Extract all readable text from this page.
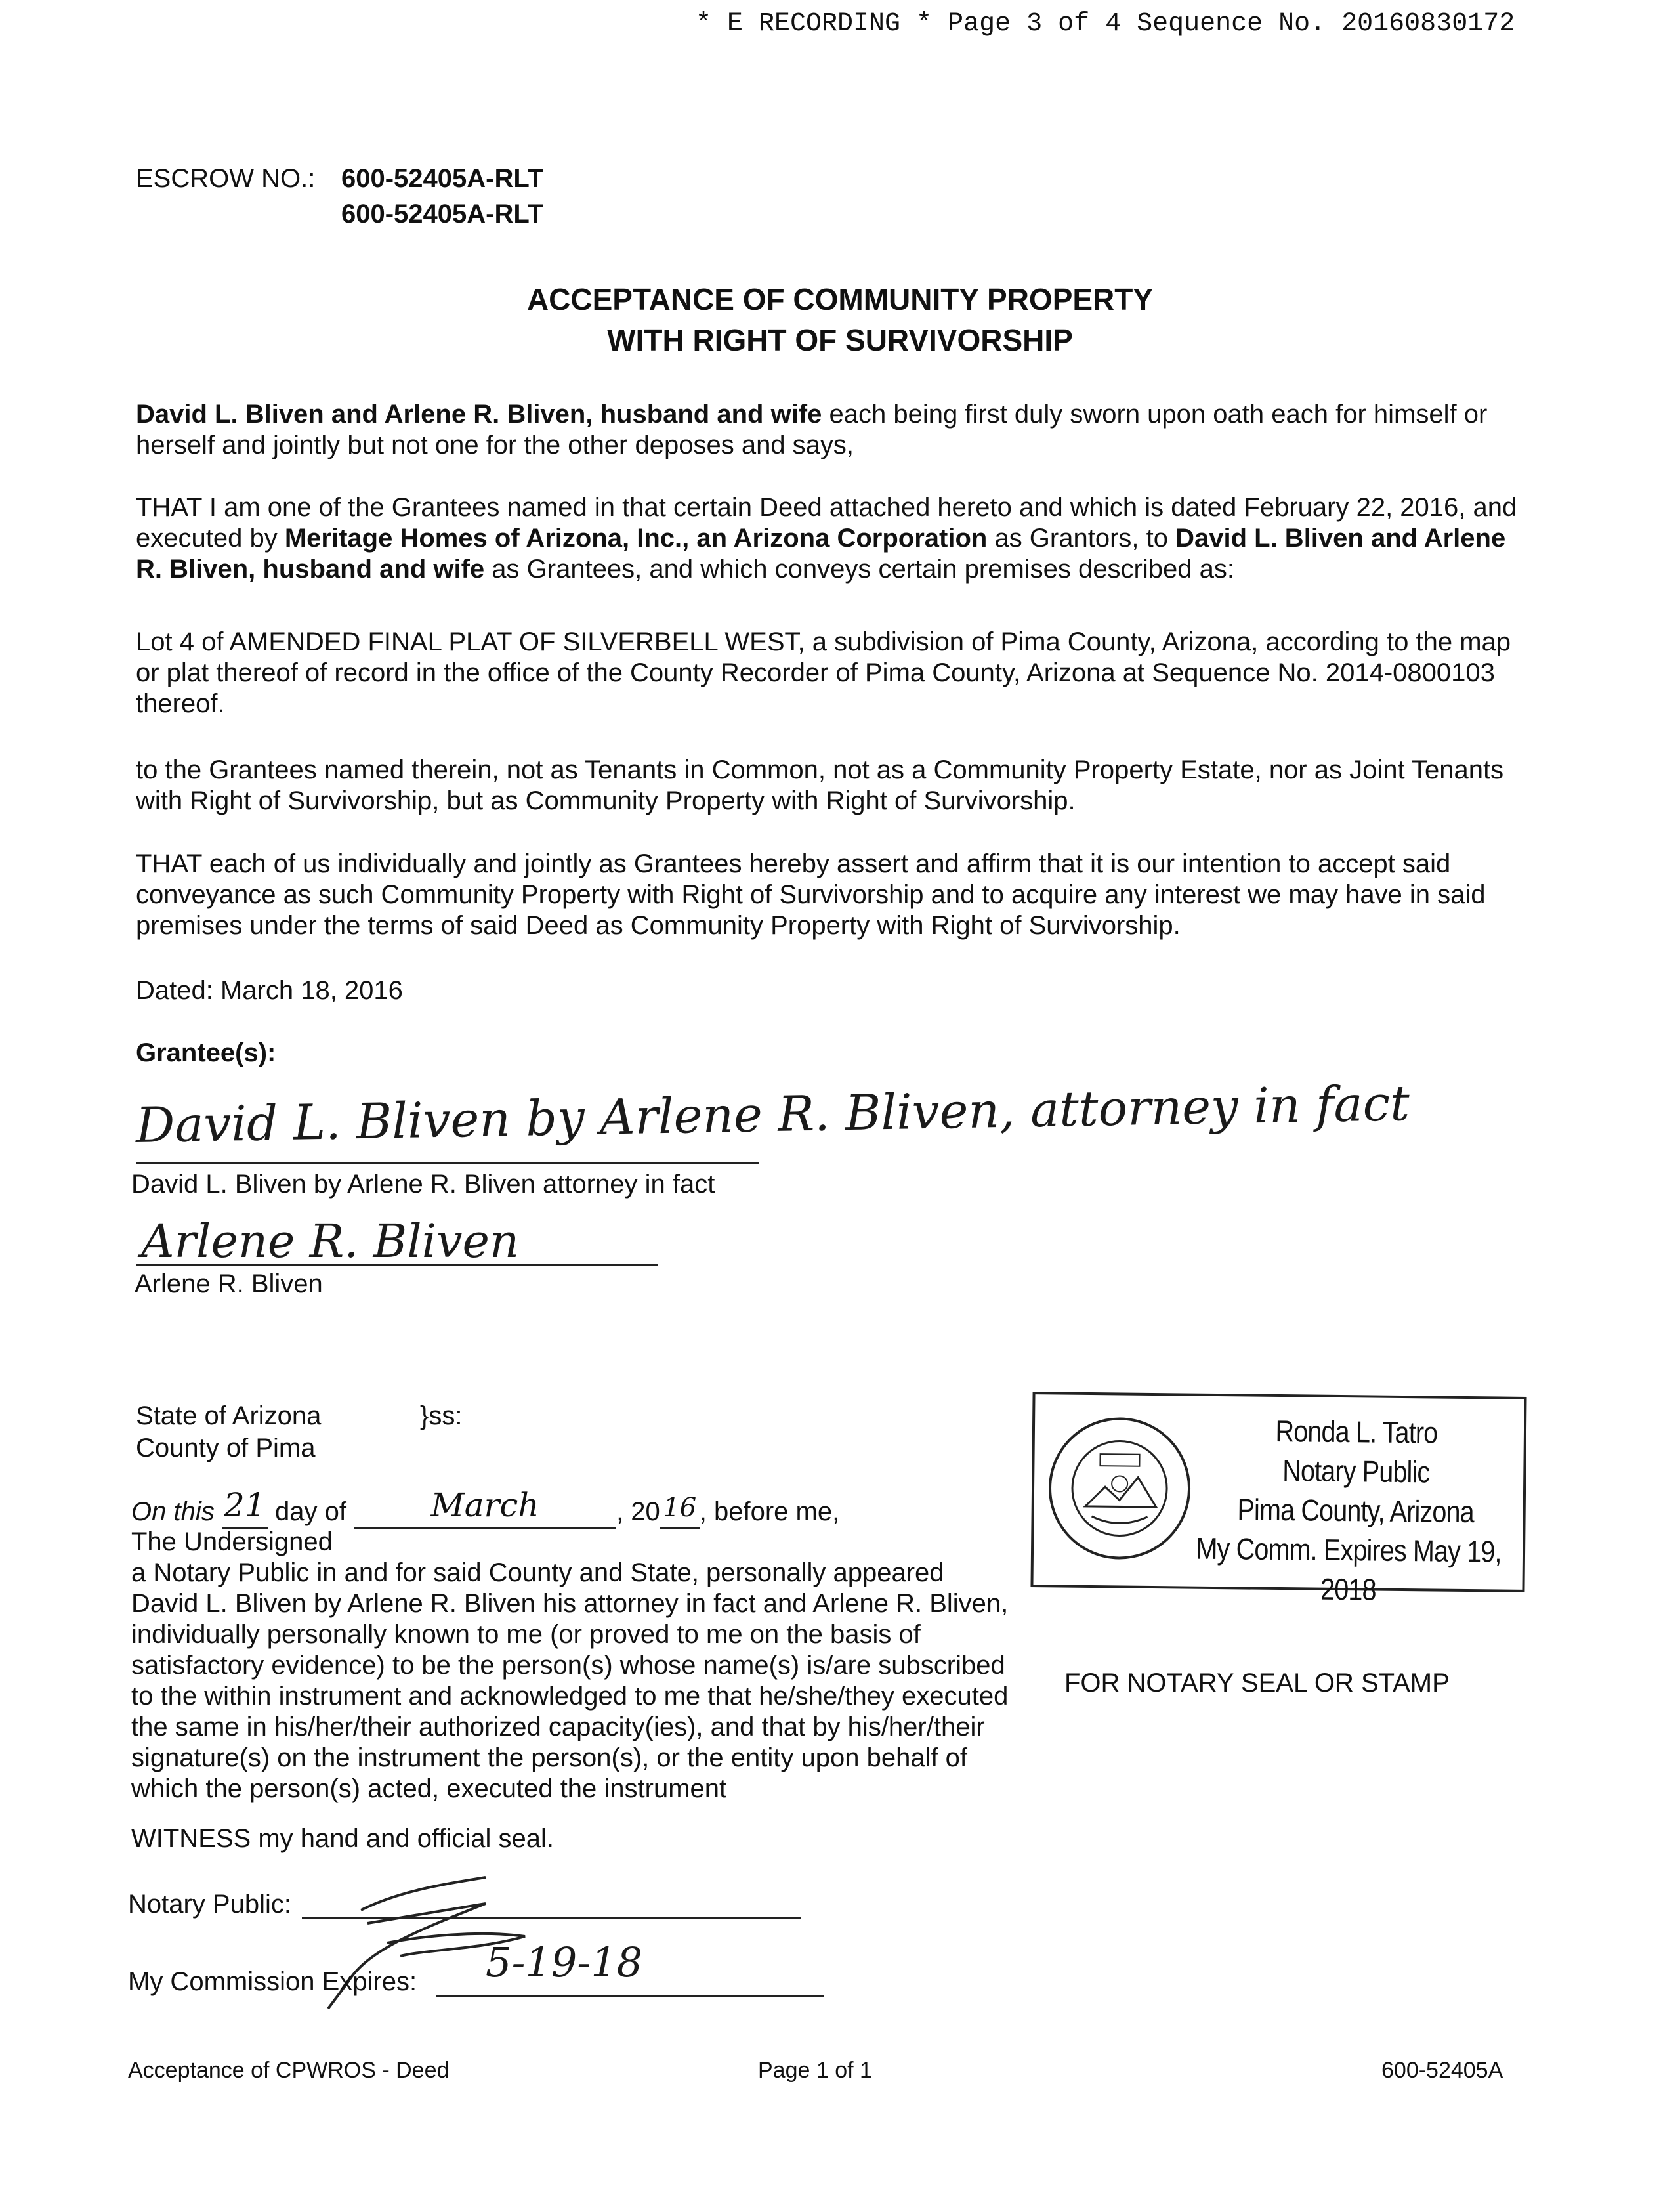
* E RECORDING * Page 3 of 4 Sequence No. 20160830172
ESCROW NO.: 600-52405A-RLT
600-52405A-RLT
ACCEPTANCE OF COMMUNITY PROPERTY
WITH RIGHT OF SURVIVORSHIP
David L. Bliven and Arlene R. Bliven, husband and wife each being first duly sworn upon oath each for himself or herself and jointly but not one for the other deposes and says,
THAT I am one of the Grantees named in that certain Deed attached hereto and which is dated February 22, 2016, and executed by Meritage Homes of Arizona, Inc., an Arizona Corporation as Grantors, to David L. Bliven and Arlene R. Bliven, husband and wife as Grantees, and which conveys certain premises described as:
Lot 4 of AMENDED FINAL PLAT OF SILVERBELL WEST, a subdivision of Pima County, Arizona, according to the map or plat thereof of record in the office of the County Recorder of Pima County, Arizona at Sequence No. 2014-0800103 thereof.
to the Grantees named therein, not as Tenants in Common, not as a Community Property Estate, nor as Joint Tenants with Right of Survivorship, but as Community Property with Right of Survivorship.
THAT each of us individually and jointly as Grantees hereby assert and affirm that it is our intention to accept said conveyance as such Community Property with Right of Survivorship and to acquire any interest we may have in said premises under the terms of said Deed as Community Property with Right of Survivorship.
Dated: March 18, 2016
Grantee(s):
David L. Bliven by Arlene R. Bliven, attorney in fact
David L. Bliven by Arlene R. Bliven attorney in fact
Arlene R. Bliven
Arlene R. Bliven
State of Arizona	}ss:
County of Pima
On this 21 day of	March	, 20 16 , before me,
The Undersigned
a Notary Public in and for said County and State, personally appeared David L. Bliven by Arlene R. Bliven his attorney in fact and Arlene R. Bliven, individually personally known to me (or proved to me on the basis of satisfactory evidence) to be the person(s) whose name(s) is/are subscribed to the within instrument and acknowledged to me that he/she/they executed the same in his/her/their authorized capacity(ies), and that by his/her/their signature(s) on the instrument the person(s), or the entity upon behalf of which the person(s) acted, executed the instrument
WITNESS my hand and official seal.
Notary Public:
My Commission Expires: 5-19-18
Ronda L. Tatro
Notary Public
Pima County, Arizona
My Comm. Expires May 19, 2018
FOR NOTARY SEAL OR STAMP
Acceptance of CPWROS - Deed	Page 1 of 1	600-52405A
